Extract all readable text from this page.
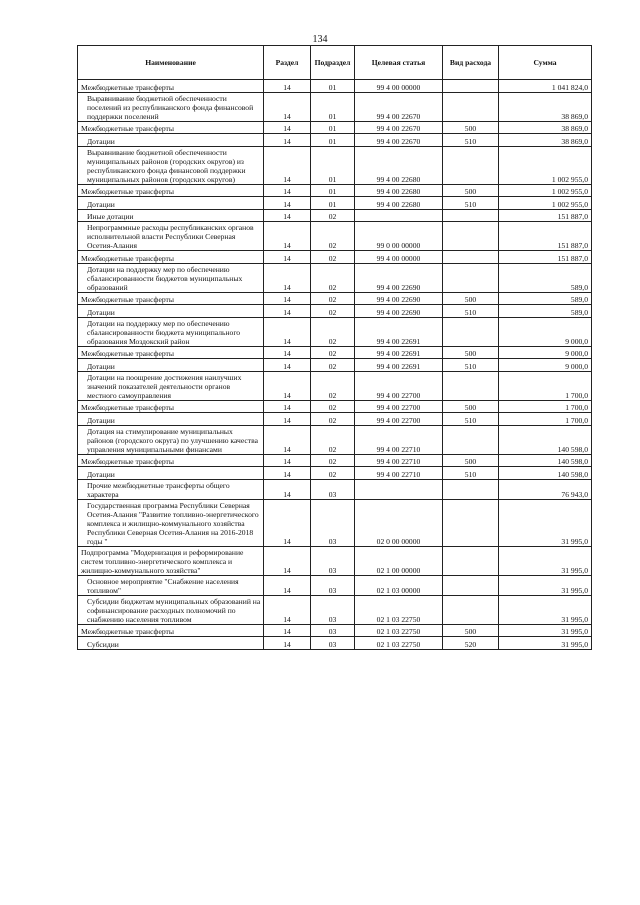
134
Наименование	Раздел	Подраздел	Целевая статья	Вид расхода	Сумма
Межбюджетные трансферты	14	01	99 4 00 00000		1 041 824,0
Выравнивание бюджетной обеспеченности поселений из республиканского фонда финансовой поддержки поселений	14	01	99 4 00 22670		38 869,0
Межбюджетные трансферты	14	01	99 4 00 22670	500	38 869,0
Дотации	14	01	99 4 00 22670	510	38 869,0
Выравнивание бюджетной обеспеченности муниципальных районов (городских округов) из республиканского фонда финансовой поддержки муниципальных районов (городских округов)	14	01	99 4 00 22680		1 002 955,0
Межбюджетные трансферты	14	01	99 4 00 22680	500	1 002 955,0
Дотации	14	01	99 4 00 22680	510	1 002 955,0
Иные дотации	14	02			151 887,0
Непрограммные расходы республиканских органов исполнительной власти Республики Северная Осетия-Алания	14	02	99 0 00 00000		151 887,0
Межбюджетные трансферты	14	02	99 4 00 00000		151 887,0
Дотации на поддержку мер по обеспечению сбалансированности бюджетов муниципальных образований	14	02	99 4 00 22690		589,0
Межбюджетные трансферты	14	02	99 4 00 22690	500	589,0
Дотации	14	02	99 4 00 22690	510	589,0
Дотации на поддержку мер по обеспечению сбалансированности бюджета муниципального образования Моздокский район	14	02	99 4 00 22691		9 000,0
Межбюджетные трансферты	14	02	99 4 00 22691	500	9 000,0
Дотации	14	02	99 4 00 22691	510	9 000,0
Дотации на поощрение достижения наилучших значений показателей деятельности органов местного самоуправления	14	02	99 4 00 22700		1 700,0
Межбюджетные трансферты	14	02	99 4 00 22700	500	1 700,0
Дотации	14	02	99 4 00 22700	510	1 700,0
Дотация на стимулирование муниципальных районов (городского округа) по улучшению качества управления муниципальными финансами	14	02	99 4 00 22710		140 598,0
Межбюджетные трансферты	14	02	99 4 00 22710	500	140 598,0
Дотации	14	02	99 4 00 22710	510	140 598,0
Прочие межбюджетные трансферты общего характера	14	03			76 943,0
Государственная программа Республики Северная Осетия-Алания "Развитие топливно-энергетического комплекса и жилищно-коммунального хозяйства Республики Северная Осетия-Алания на 2016-2018 годы "	14	03	02 0 00 00000		31 995,0
Подпрограмма "Модернизация и реформирование систем топливно-энергетического комплекса и жилищно-коммунального хозяйства"	14	03	02 1 00 00000		31 995,0
Основное мероприятие "Снабжение населения топливом"	14	03	02 1 03 00000		31 995,0
Субсидии бюджетам муниципальных образований на софинансирование расходных полномочий по снабжению населения топливом	14	03	02 1 03 22750		31 995,0
Межбюджетные трансферты	14	03	02 1 03 22750	500	31 995,0
Субсидии	14	03	02 1 03 22750	520	31 995,0
